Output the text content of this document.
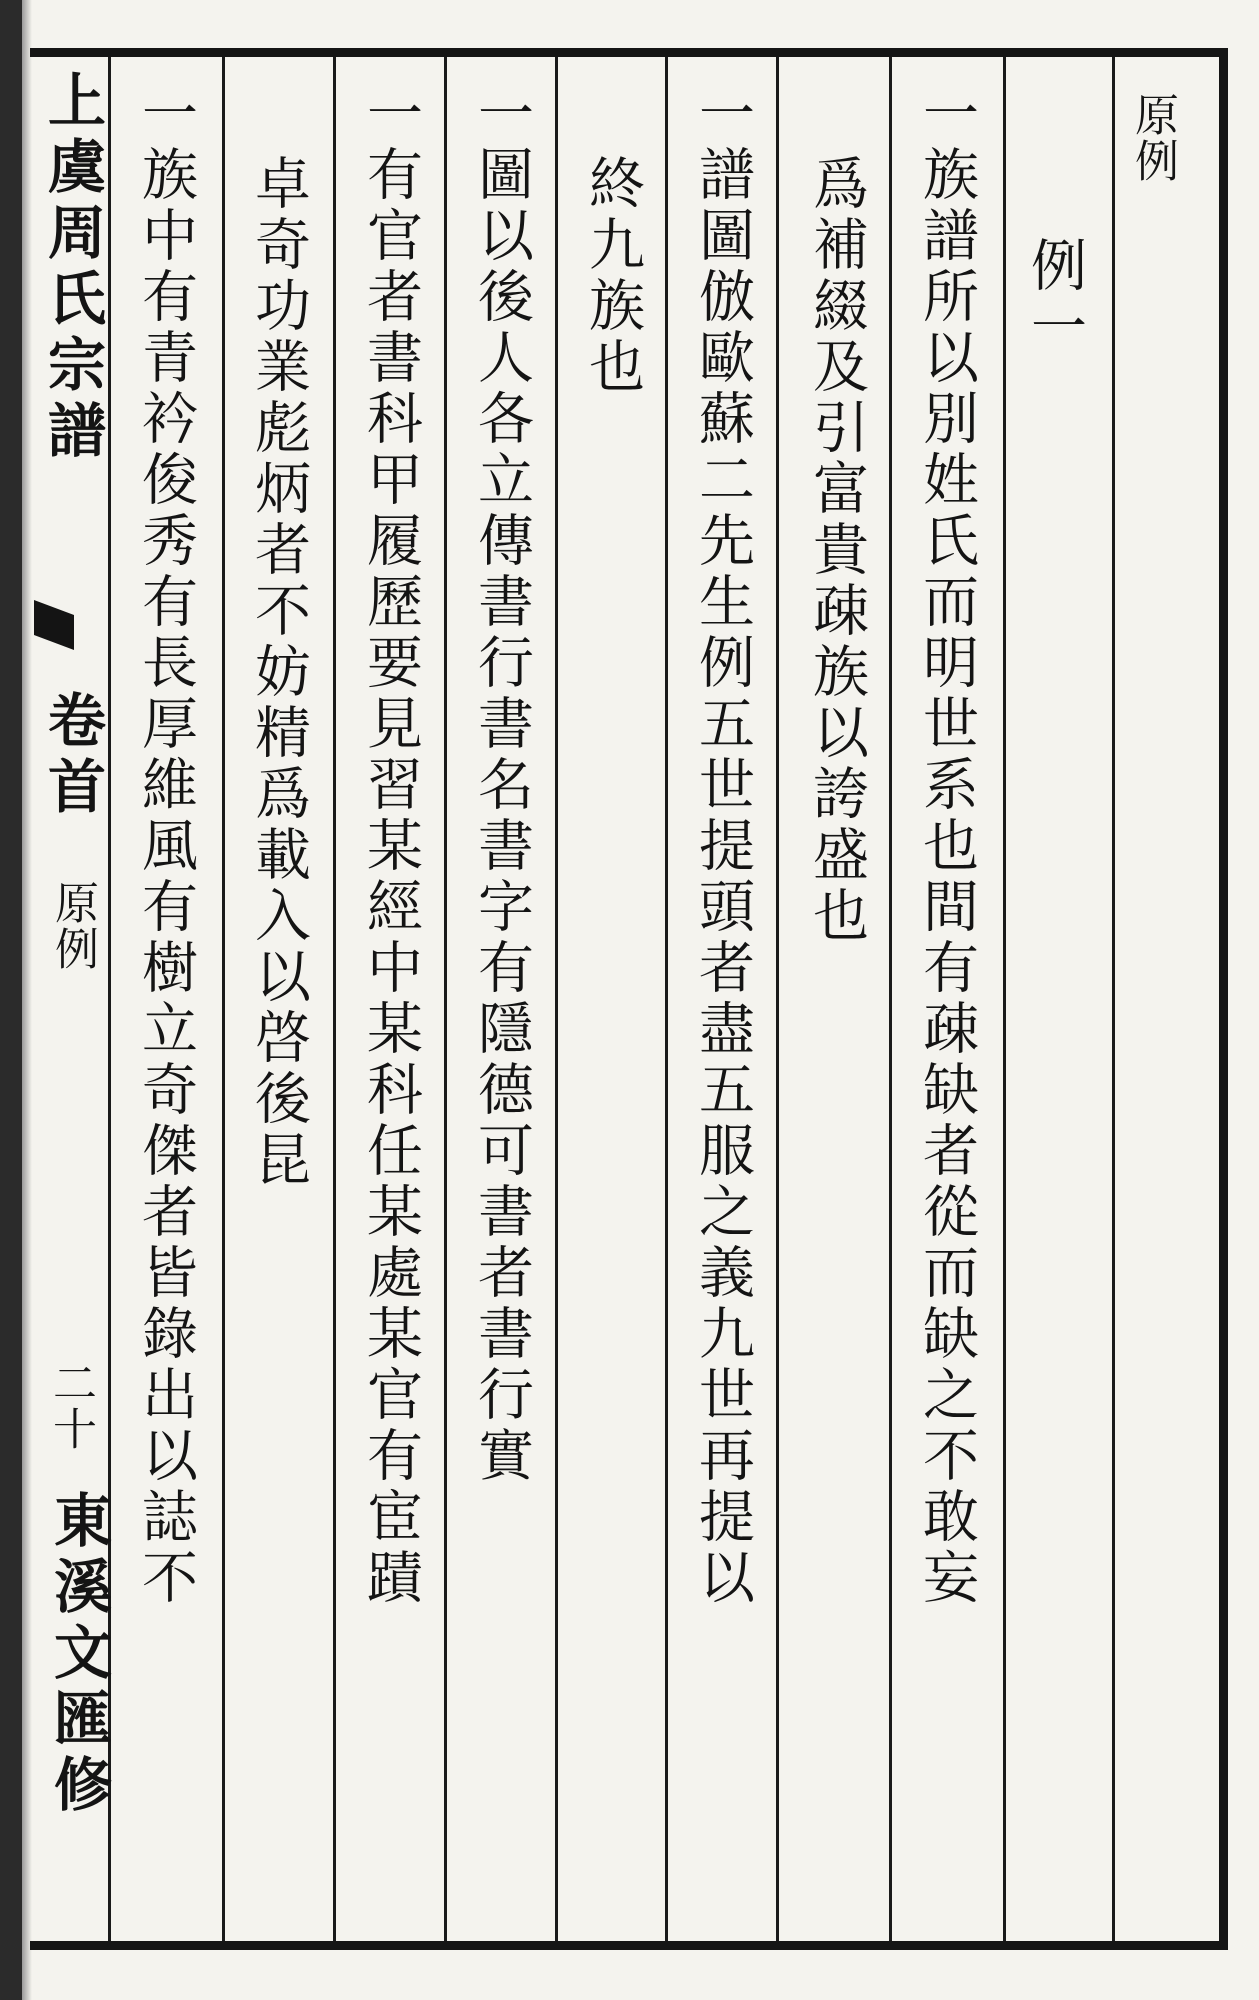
上虞周氏宗譜
卷首
原例
二十
東溪文匯修
原例
例一
一族譜所以別姓氏而明世系也間有疎缺者從而缺之不敢妄
爲補綴及引富貴疎族以誇盛也
一譜圖倣歐蘇二先生例五世提頭者盡五服之義九世再提以
終九族也
一圖以後人各立傳書行書名書字有隱德可書者書行實
一有官者書科甲履歷要見習某經中某科任某處某官有宦蹟
卓奇功業彪炳者不妨精爲載入以啓後昆
一族中有青衿俊秀有長厚維風有樹立奇傑者皆錄出以誌不
